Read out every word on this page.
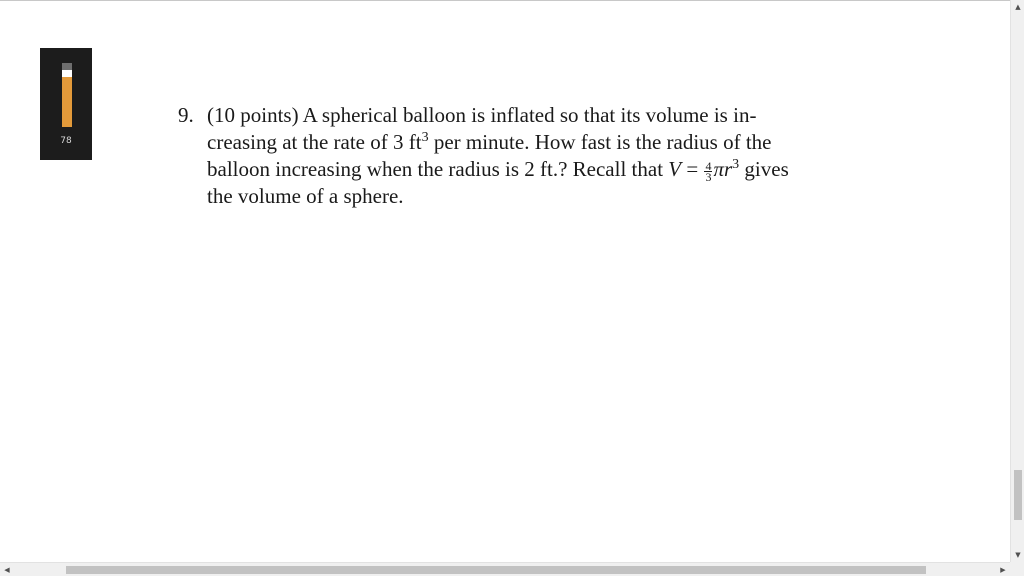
78
9. (10 points) A spherical balloon is inflated so that its volume is in-
creasing at the rate of 3 $ft^3$ per minute. How fast is the radius of the
balloon increasing when the radius is 2 ft.? Recall that $V = \frac{4}{3} \pi r^3$ gives
the volume of a sphere.
▲
▼
◀	▶
